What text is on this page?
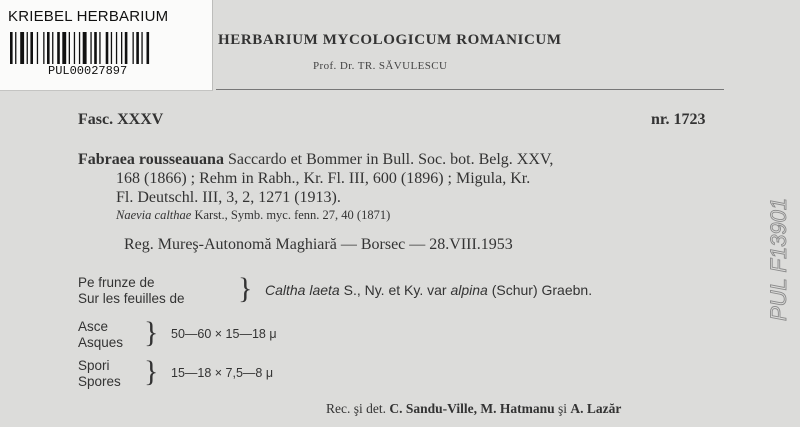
KRIEBEL HERBARIUM
PUL00027897
HERBARIUM MYCOLOGICUM ROMANICUM
Prof. Dr. TR. SĂVULESCU
Fasc. XXXV	nr. 1723
Fabraea rousseauana Saccardo et Bommer in Bull. Soc. bot. Belg. XXV,
168 (1866) ; Rehm in Rabh., Kr. Fl. III, 600 (1896) ; Migula, Kr.
Fl. Deutschl. III, 3, 2, 1271 (1913).
Naevia calthae Karst., Symb. myc. fenn. 27, 40 (1871)
Reg. Mureş-Autonomă Maghiară — Borsec — 28.VIII.1953
Pe frunze de
Sur les feuilles de } Caltha laeta S., Ny. et Ky. var alpina (Schur) Graebn.
Asce
Asques } 50—60 × 15—18 μ
Spori
Spores } 15—18 × 7,5—8 μ
Rec. şi det. C. Sandu-Ville, M. Hatmanu şi A. Lazăr
PUL F13901
